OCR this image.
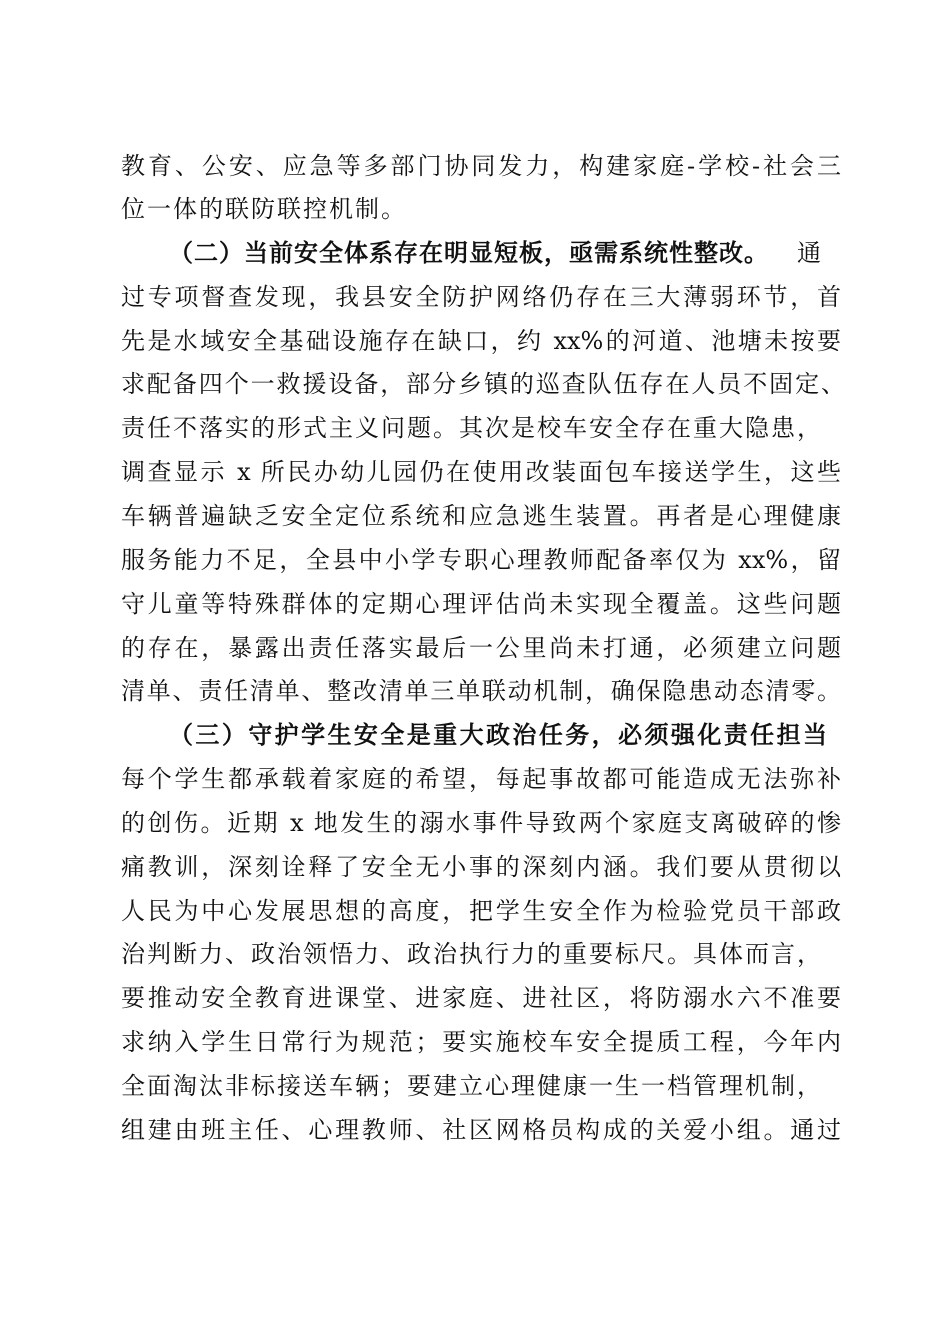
教育、公安、应急等多部门协同发力，构建家庭-学校-社会三
位一体的联防联控机制。
（二）当前安全体系存在明显短板，亟需系统性整改。 通
过专项督查发现，我县安全防护网络仍存在三大薄弱环节，首
先是水域安全基础设施存在缺口，约 xx%的河道、池塘未按要
求配备四个一救援设备，部分乡镇的巡查队伍存在人员不固定、
责任不落实的形式主义问题。其次是校车安全存在重大隐患，
调查显示 x 所民办幼儿园仍在使用改装面包车接送学生，这些
车辆普遍缺乏安全定位系统和应急逃生装置。再者是心理健康
服务能力不足，全县中小学专职心理教师配备率仅为 xx%，留
守儿童等特殊群体的定期心理评估尚未实现全覆盖。这些问题
的存在，暴露出责任落实最后一公里尚未打通，必须建立问题
清单、责任清单、整改清单三单联动机制，确保隐患动态清零。
（三）守护学生安全是重大政治任务，必须强化责任担当
每个学生都承载着家庭的希望，每起事故都可能造成无法弥补
的创伤。近期 x 地发生的溺水事件导致两个家庭支离破碎的惨
痛教训，深刻诠释了安全无小事的深刻内涵。我们要从贯彻以
人民为中心发展思想的高度，把学生安全作为检验党员干部政
治判断力、政治领悟力、政治执行力的重要标尺。具体而言，
要推动安全教育进课堂、进家庭、进社区，将防溺水六不准要
求纳入学生日常行为规范；要实施校车安全提质工程，今年内
全面淘汰非标接送车辆；要建立心理健康一生一档管理机制，
组建由班主任、心理教师、社区网格员构成的关爱小组。通过
